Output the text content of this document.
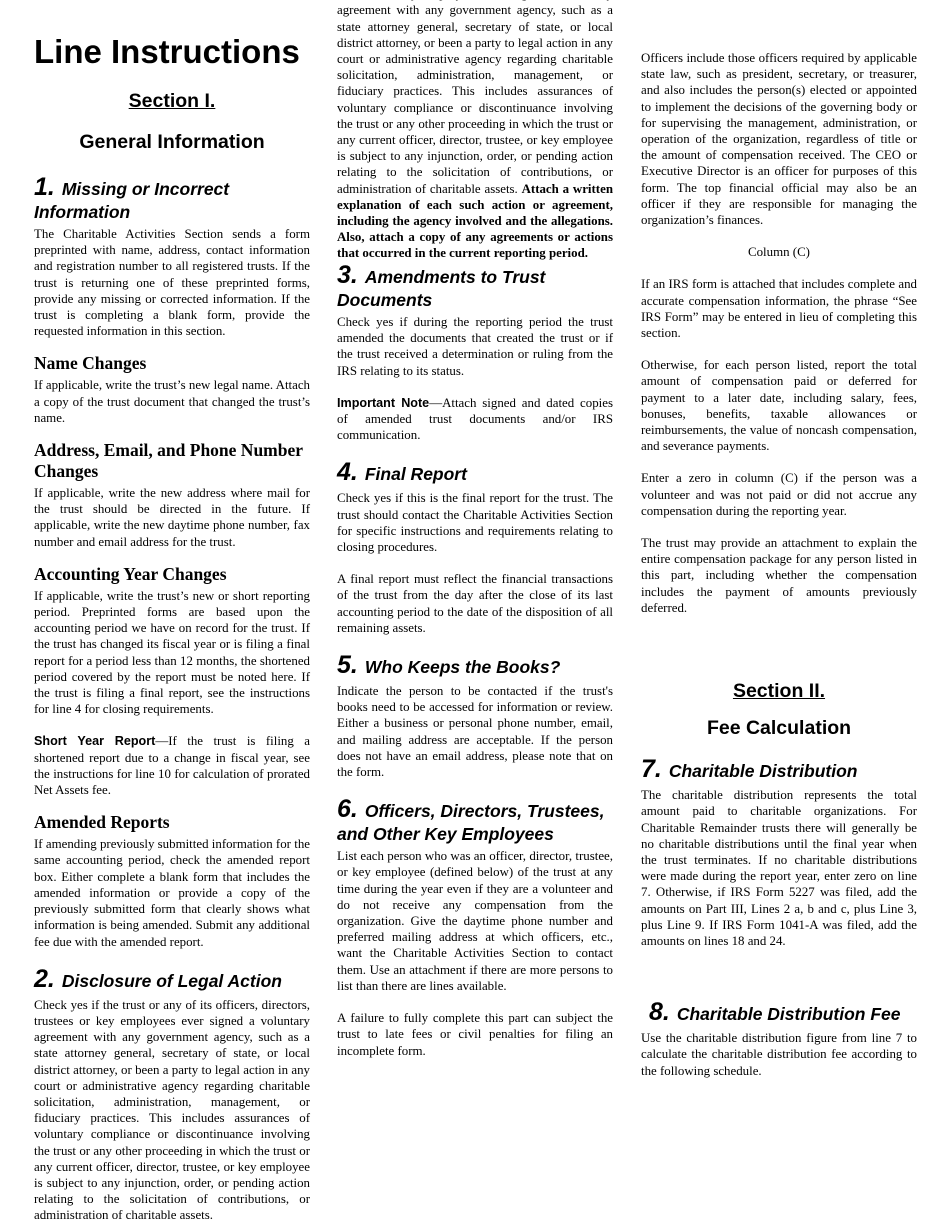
Line Instructions
Section I.
General Information
1. Missing or Incorrect Information

The Charitable Activities Section sends a form preprinted with name, address, contact information and registration number to all registered trusts. If the trust is returning one of these preprinted forms, provide any missing or corrected information. If the trust is completing a blank form, provide the requested information in this section.

Name Changes

If applicable, write the trust’s new legal name. Attach a copy of the trust document that changed the trust’s name.

Address, Email, and Phone Number Changes

If applicable, write the new address where mail for the trust should be directed in the future. If applicable, write the new daytime phone number, fax number and email address for the trust.

Accounting Year Changes

If applicable, write the trust’s new or short reporting period. Preprinted forms are based upon the accounting period we have on record for the trust. If the trust has changed its fiscal year or is filing a final report for a period less than 12 months, the shortened period covered by the report must be noted here. If the trust is filing a final report, see the instructions for line 4 for closing requirements.

Short Year Report—If the trust is filing a shortened report due to a change in fiscal year, see the instructions for line 10 for calculation of prorated Net Assets fee.

Amended Reports

If amending previously submitted information for the same accounting period, check the amended report box. Either complete a blank form that includes the amended information or provide a copy of the previously submitted form that clearly shows what information is being amended. Submit any additional fee due with the amended report.

2. Disclosure of Legal Action

Check yes if the trust or any of its officers, directors, trustees or key employees ever signed a voluntary agreement with any government agency, such as a state attorney general, secretary of state, or local district attorney, or been a party to legal action in any court or administrative agency regarding charitable solicitation, administration, management, or fiduciary practices. This includes assurances of voluntary compliance or discontinuance involving the trust or any other proceeding in which the trust or any current officer, director, trustee, or key employee is subject to any injunction, order, or pending action relating to the solicitation of contributions, or administration of charitable assets.

agreement with any government agency, such as a state attorney general, secretary of state, or local district attorney, or been a party to legal action in any court or administrative agency regarding charitable solicitation, administration, management, or fiduciary practices. This includes assurances of voluntary compliance or discontinuance involving the trust or any other proceeding in which the trust or any current officer, director, trustee, or key employee is subject to any injunction, order, or pending action relating to the solicitation of contributions, or administration of charitable assets. Attach a written explanation of each such action or agreement, including the agency involved and the allegations. Also, attach a copy of any agreements or actions that occurred in the current reporting period.

3. Amendments to Trust Documents

Check yes if during the reporting period the trust amended the documents that created the trust or if the trust received a determination or ruling from the IRS relating to its status.

Important Note—Attach signed and dated copies of amended trust documents and/or IRS communication.

4. Final Report

Check yes if this is the final report for the trust. The trust should contact the Charitable Activities Section for specific instructions and requirements relating to closing procedures.

A final report must reflect the financial transactions of the trust from the day after the close of its last accounting period to the date of the disposition of all remaining assets.

5. Who Keeps the Books?

Indicate the person to be contacted if the trust's books need to be accessed for information or review. Either a business or personal phone number, email, and mailing address are acceptable. If the person does not have an email address, please note that on the form.

6. Officers, Directors, Trustees, and Other Key Employees

List each person who was an officer, director, trustee, or key employee (defined below) of the trust at any time during the year even if they are a volunteer and do not receive any compensation from the organization. Give the daytime phone number and preferred mailing address at which officers, etc., want the Charitable Activities Section to contact them. Use an attachment if there are more persons to list than there are lines available.

A failure to fully complete this part can subject the trust to late fees or civil penalties for filing an incomplete form.

Officers include those officers required by applicable state law, such as president, secretary, or treasurer, and also includes the person(s) elected or appointed to implement the decisions of the governing body or for supervising the management, administration, or operation of the organization, regardless of title or the amount of compensation received. The CEO or Executive Director is an officer for purposes of this form. The top financial official may also be an officer if they are responsible for managing the organization’s finances.

Column (C)

If an IRS form is attached that includes complete and accurate compensation information, the phrase “See IRS Form” may be entered in lieu of completing this section.

Otherwise, for each person listed, report the total amount of compensation paid or deferred for payment to a later date, including salary, fees, bonuses, benefits, taxable allowances or reimbursements, the value of noncash compensation, and severance payments.

Enter a zero in column (C) if the person was a volunteer and was not paid or did not accrue any compensation during the reporting year.

The trust may provide an attachment to explain the entire compensation package for any person listed in this part, including whether the compensation includes the payment of amounts previously deferred.

Section II.
Fee Calculation
7. Charitable Distribution

The charitable distribution represents the total amount paid to charitable organizations. For Charitable Remainder trusts there will generally be no charitable distributions until the final year when the trust terminates. If no charitable distributions were made during the report year, enter zero on line 7. Otherwise, if IRS Form 5227 was filed, add the amounts on Part III, Lines 2 a, b and c, plus Line 3, plus Line 9. If IRS Form 1041-A was filed, add the amounts on lines 18 and 24.

8. Charitable Distribution Fee

Use the charitable distribution figure from line 7 to calculate the charitable distribution fee according to the following schedule.
